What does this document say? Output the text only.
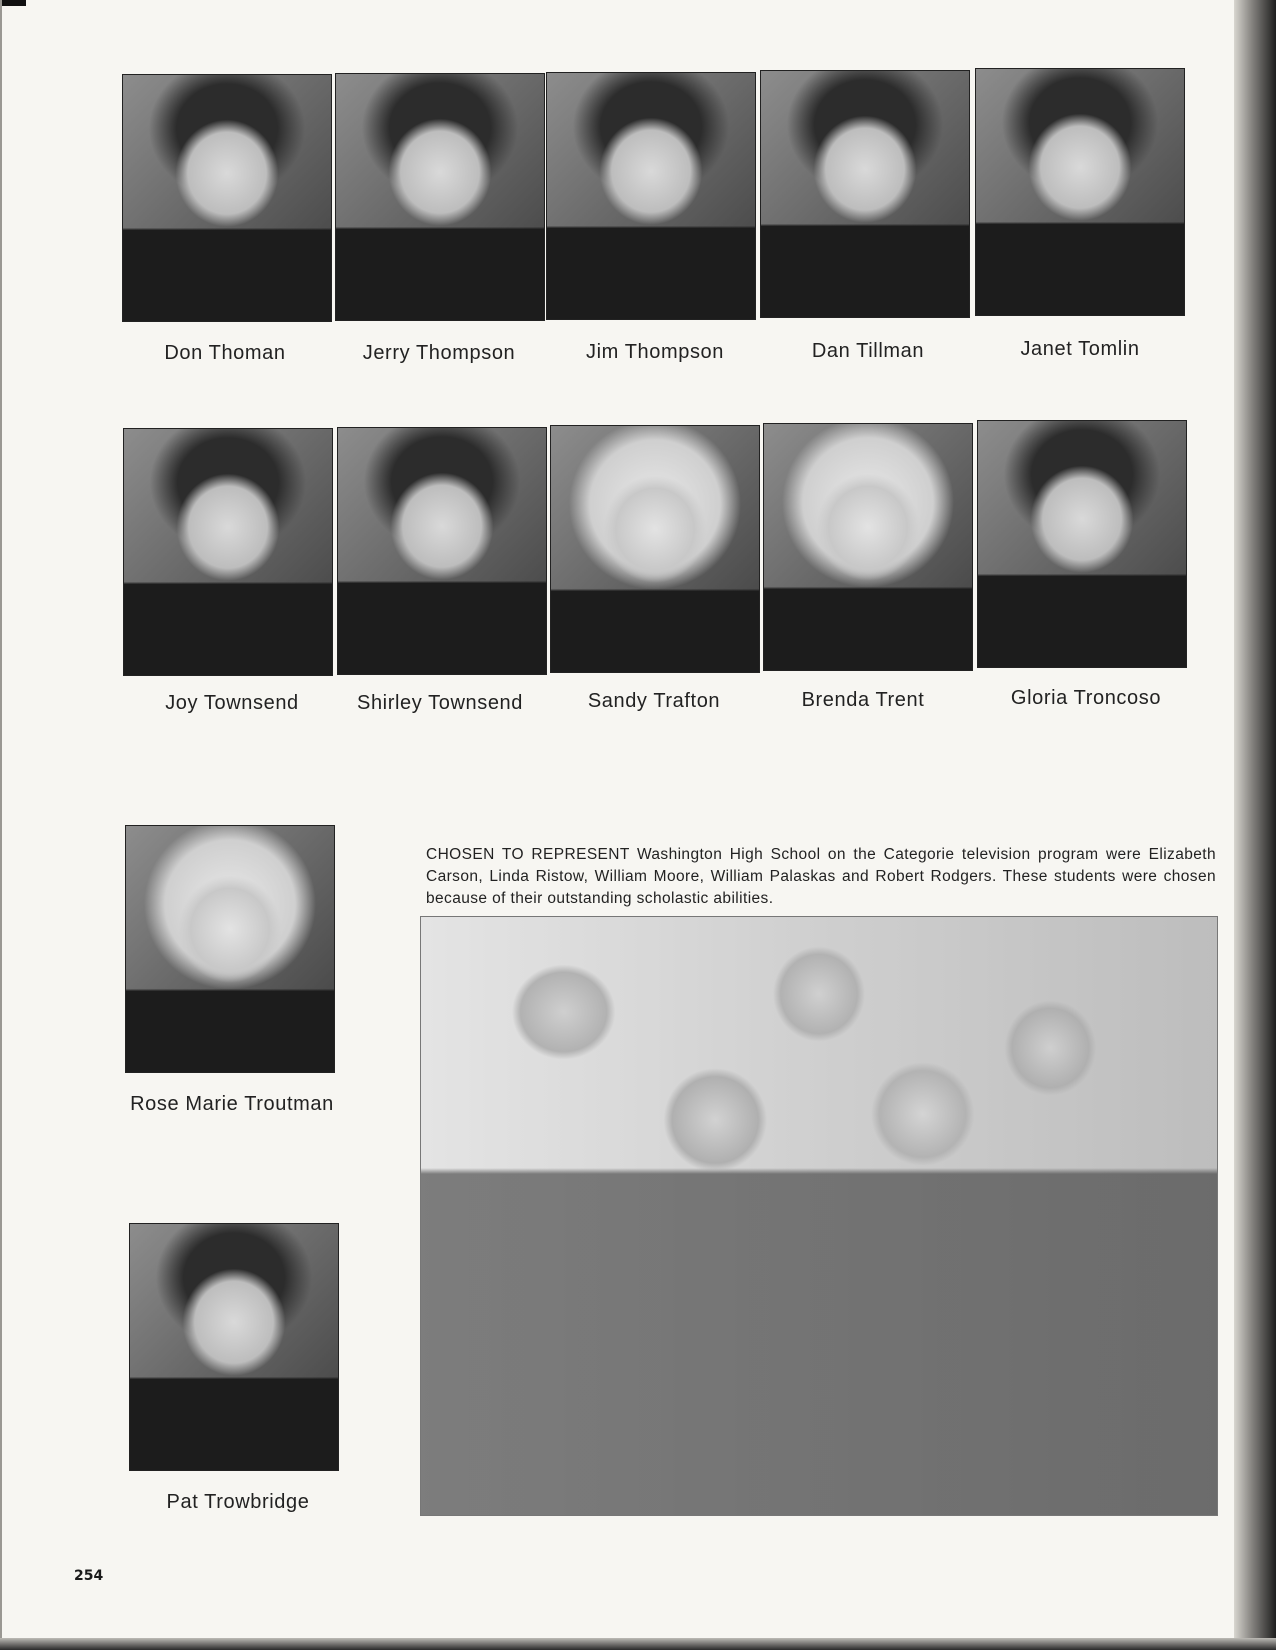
Don Thoman	Jerry Thompson	Jim Thompson	Dan Tillman	Janet Tomlin
Joy Townsend	Shirley Townsend	Sandy Trafton	Brenda Trent	Gloria Troncoso
Rose Marie Troutman
Pat Trowbridge
CHOSEN TO REPRESENT Washington High School on the Categorie television program were Elizabeth Carson, Linda Ristow, William Moore, William Palaskas and Robert Rodgers. These students were chosen because of their outstanding scholastic abilities.
254
